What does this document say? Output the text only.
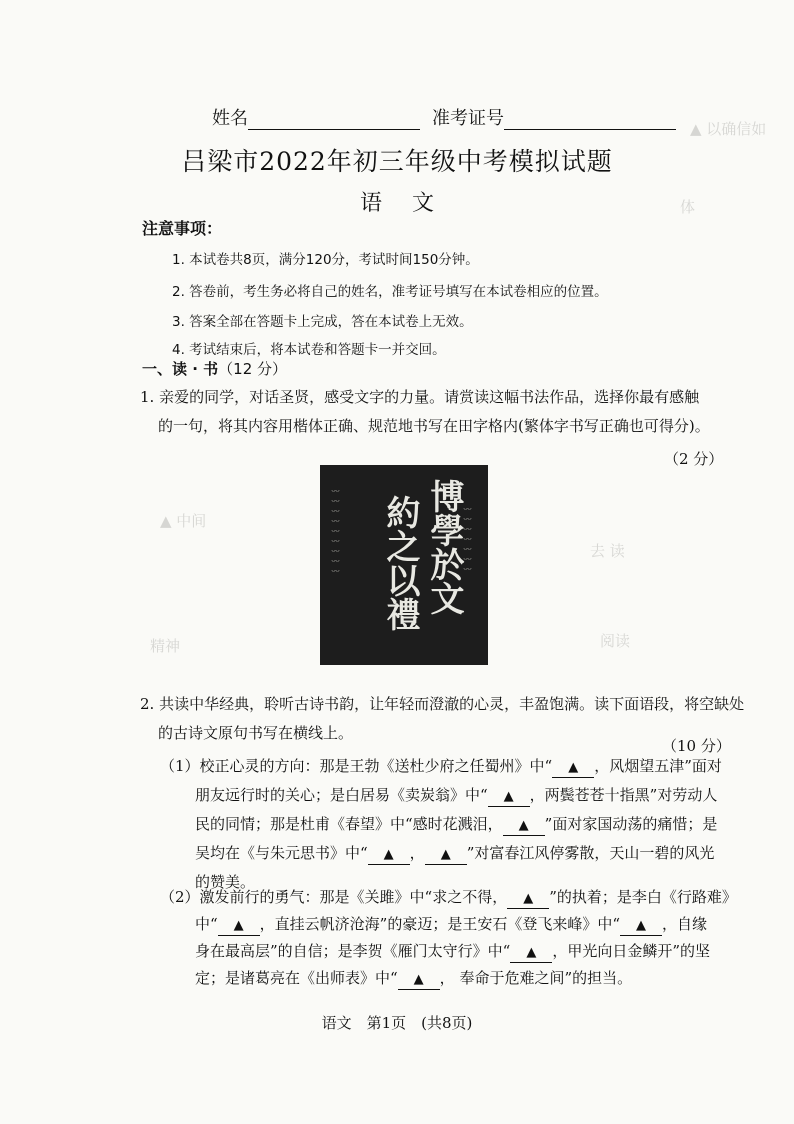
▲ 以确信如
体
▲ 中间
去 读
阅读
精神
姓名	准考证号
吕梁市2022年初三年级中考模拟试题
语文
注意事项：
1. 本试卷共8页，满分120分，考试时间150分钟。
2. 答卷前，考生务必将自己的姓名，准考证号填写在本试卷相应的位置。
3. 答案全部在答题卡上完成，答在本试卷上无效。
4. 考试结束后，将本试卷和答题卡一并交回。
一、读 · 书（12 分）
1. 亲爱的同学，对话圣贤，感受文字的力量。请赏读这幅书法作品，选择你最有感触
的一句，将其内容用楷体正确、规范地书写在田字格内(繁体字书写正确也可得分)。
（2 分）
〰〰〰〰〰〰〰〰〰	〰〰〰〰〰〰〰
博學於文
約之以禮
2. 共读中华经典，聆听古诗书韵，让年轻而澄澈的心灵，丰盈饱满。读下面语段，将空缺处
的古诗文原句书写在横线上。
（10 分）
（1）校正心灵的方向：那是王勃《送杜少府之任蜀州》中“ ▲ ，风烟望五津”面对
朋友远行时的关心；是白居易《卖炭翁》中“ ▲ ，两鬓苍苍十指黑”对劳动人
民的同情；那是杜甫《春望》中“感时花溅泪， ▲ ”面对家国动荡的痛惜；是
吴均在《与朱元思书》中“ ▲ ， ▲ ”对富春江风停雾散，天山一碧的风光
的赞美。
（2）激发前行的勇气：那是《关雎》中“求之不得， ▲ ”的执着；是李白《行路难》
中“ ▲ ，直挂云帆济沧海”的豪迈；是王安石《登飞来峰》中“ ▲ ，自缘
身在最高层”的自信；是李贺《雁门太守行》中“ ▲ ，甲光向日金鳞开”的坚
定；是诸葛亮在《出师表》中“ ▲ ， 奉命于危难之间”的担当。
语文　第1页　(共8页)
